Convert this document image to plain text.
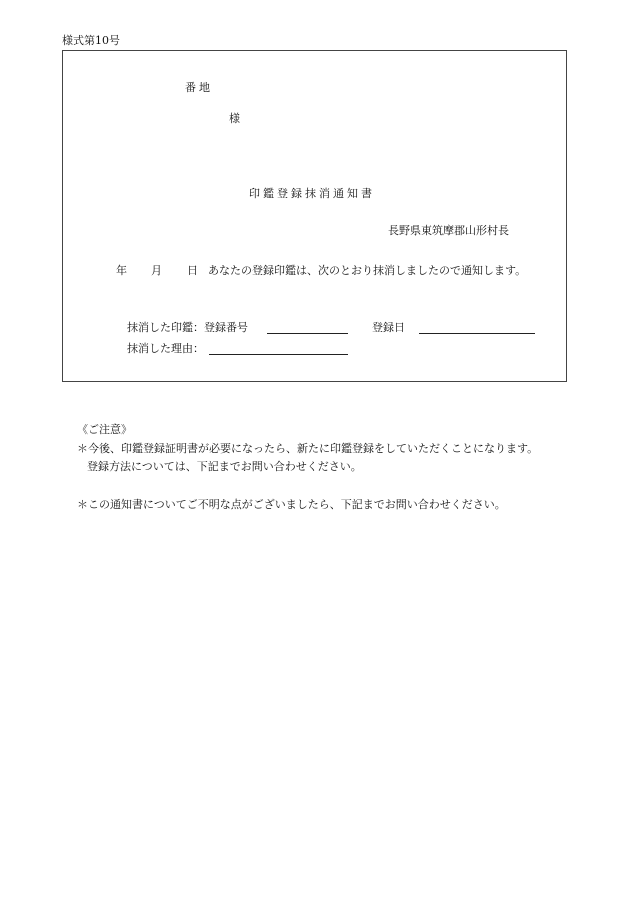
様式第10号
番地
様
印鑑登録抹消通知書
長野県東筑摩郡山形村長
年 月 日 あなたの登録印鑑は、次のとおり抹消しましたので通知します。
抹消した印鑑：登録番号	登録日
抹消した理由：
《ご注意》
＊今後、印鑑登録証明書が必要になったら、新たに印鑑登録をしていただくことになります。
登録方法については、下記までお問い合わせください。
＊この通知書についてご不明な点がございましたら、下記までお問い合わせください。
